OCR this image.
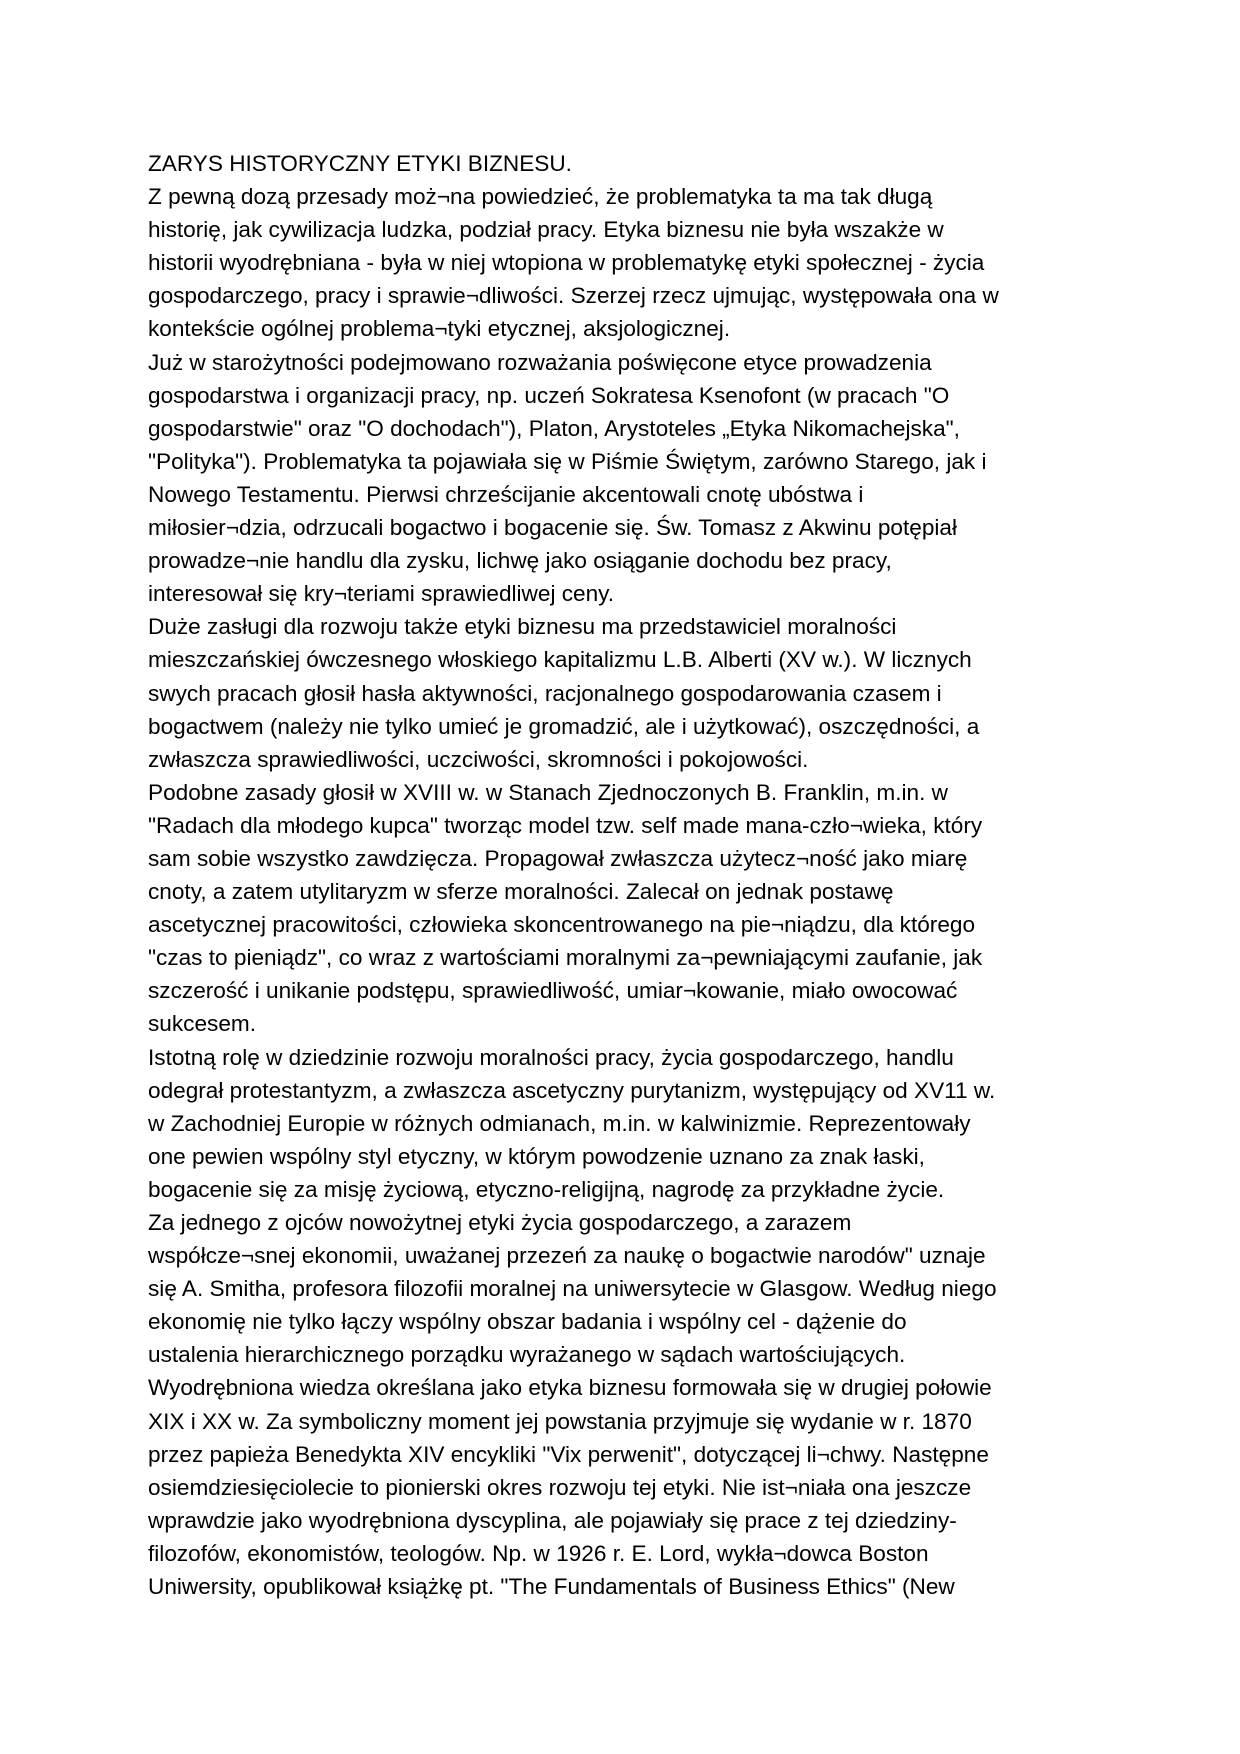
ZARYS HISTORYCZNY ETYKI BIZNESU.
Z pewną dozą przesady moż¬na powiedzieć, że problematyka ta ma tak długą
historię, jak cywilizacja ludzka, podział pracy. Etyka biznesu nie była wszakże w
historii wyodrębniana - była w niej wtopiona w problematykę etyki społecznej - życia
gospodarczego, pracy i sprawie¬dliwości. Szerzej rzecz ujmując, występowała ona w
kontekście ogólnej problema¬tyki etycznej, aksjologicznej.
Już w starożytności podejmowano rozważania poświęcone etyce prowadzenia
gospodarstwa i organizacji pracy, np. uczeń Sokratesa Ksenofont (w pracach "O
gospodarstwie" oraz "O dochodach"), Platon, Arystoteles „Etyka Nikomachejska",
"Polityka"). Problematyka ta pojawiała się w Piśmie Świętym, zarówno Starego, jak i
Nowego Testamentu. Pierwsi chrześcijanie akcentowali cnotę ubóstwa i
miłosier¬dzia, odrzucali bogactwo i bogacenie się. Św. Tomasz z Akwinu potępiał
prowadze¬nie handlu dla zysku, lichwę jako osiąganie dochodu bez pracy,
interesował się kry¬teriami sprawiedliwej ceny.
Duże zasługi dla rozwoju także etyki biznesu ma przedstawiciel moralności
mieszczańskiej ówczesnego włoskiego kapitalizmu L.B. Alberti (XV w.). W licznych
swych pracach głosił hasła aktywności, racjonalnego gospodarowania czasem i
bogactwem (należy nie tylko umieć je gromadzić, ale i użytkować), oszczędności, a
zwłaszcza sprawiedliwości, uczciwości, skromności i pokojowości.
Podobne zasady głosił w XVIII w. w Stanach Zjednoczonych B. Franklin, m.in. w
"Radach dla młodego kupca" tworząc model tzw. self made mana-czło¬wieka, który
sam sobie wszystko zawdzięcza. Propagował zwłaszcza użytecz¬ność jako miarę
cnoty, a zatem utylitaryzm w sferze moralności. Zalecał on jednak postawę
ascetycznej pracowitości, człowieka skoncentrowanego na pie¬niądzu, dla którego
"czas to pieniądz", co wraz z wartościami moralnymi za¬pewniającymi zaufanie, jak
szczerość i unikanie podstępu, sprawiedliwość, umiar¬kowanie, miało owocować
sukcesem.
Istotną rolę w dziedzinie rozwoju moralności pracy, życia gospodarczego, handlu
odegrał protestantyzm, a zwłaszcza ascetyczny purytanizm, występujący od XV11 w.
w Zachodniej Europie w różnych odmianach, m.in. w kalwinizmie. Reprezentowały
one pewien wspólny styl etyczny, w którym powodzenie uznano za znak łaski,
bogacenie się za misję życiową, etyczno-religijną, nagrodę za przykładne życie.
Za jednego z ojców nowożytnej etyki życia gospodarczego, a zarazem
współcze¬snej ekonomii, uważanej przezeń za naukę o bogactwie narodów" uznaje
się A. Smitha, profesora filozofii moralnej na uniwersytecie w Glasgow. Według niego
ekonomię nie tylko łączy wspólny obszar badania i wspólny cel - dążenie do
ustalenia hierarchicznego porządku wyrażanego w sądach wartościujących.
Wyodrębniona wiedza określana jako etyka biznesu formowała się w drugiej połowie
XIX i XX w. Za symboliczny moment jej powstania przyjmuje się wydanie w r. 1870
przez papieża Benedykta XIV encykliki "Vix perwenit", dotyczącej li¬chwy. Następne
osiemdziesięciolecie to pionierski okres rozwoju tej etyki. Nie ist¬niała ona jeszcze
wprawdzie jako wyodrębniona dyscyplina, ale pojawiały się prace z tej dziedziny-
filozofów, ekonomistów, teologów. Np. w 1926 r. E. Lord, wykła¬dowca Boston
Uniwersity, opublikował książkę pt. "The Fundamentals of Business Ethics" (New
